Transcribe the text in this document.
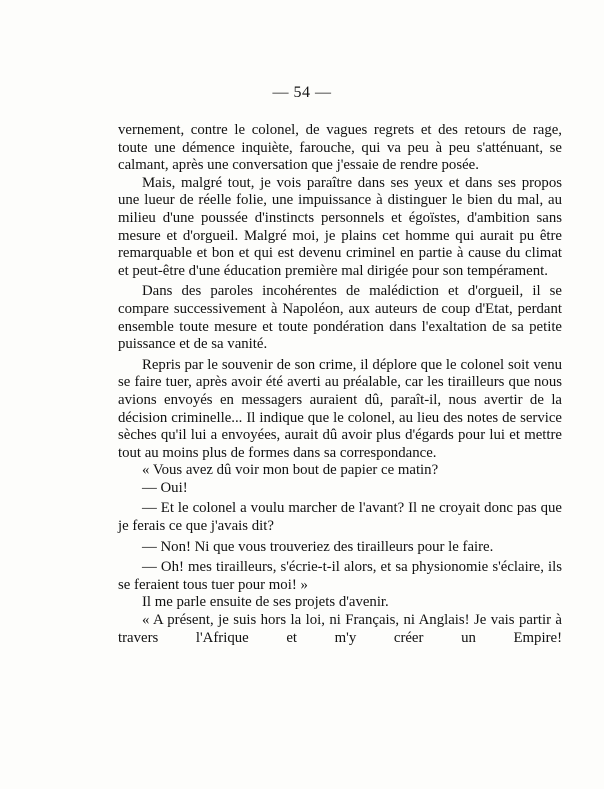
— 54 —

vernement, contre le colonel, de vagues regrets et des retours de rage, toute une démence inquiète, farouche, qui va peu à peu s'atténuant, se calmant, après une conversation que j'essaie de rendre posée.

Mais, malgré tout, je vois paraître dans ses yeux et dans ses propos une lueur de réelle folie, une impuissance à distinguer le bien du mal, au milieu d'une poussée d'instincts personnels et égoïstes, d'ambition sans mesure et d'orgueil. Malgré moi, je plains cet homme qui aurait pu être remarquable et bon et qui est devenu criminel en partie à cause du climat et peut-être d'une éducation première mal dirigée pour son tempérament.

Dans des paroles incohérentes de malédiction et d'orgueil, il se compare successivement à Napoléon, aux auteurs de coup d'Etat, perdant ensemble toute mesure et toute pondération dans l'exaltation de sa petite puissance et de sa vanité.

Repris par le souvenir de son crime, il déplore que le colonel soit venu se faire tuer, après avoir été averti au préalable, car les tirailleurs que nous avions envoyés en messagers auraient dû, paraît-il, nous avertir de la décision criminelle... Il indique que le colonel, au lieu des notes de service sèches qu'il lui a envoyées, aurait dû avoir plus d'égards pour lui et mettre tout au moins plus de formes dans sa correspondance.

« Vous avez dû voir mon bout de papier ce matin?

— Oui!

— Et le colonel a voulu marcher de l'avant? Il ne croyait donc pas que je ferais ce que j'avais dit?

— Non! Ni que vous trouveriez des tirailleurs pour le faire.

— Oh! mes tirailleurs, s'écrie-t-il alors, et sa physionomie s'éclaire, ils se feraient tous tuer pour moi! »

Il me parle ensuite de ses projets d'avenir.

« A présent, je suis hors la loi, ni Français, ni Anglais! Je vais partir à travers l'Afrique et m'y créer un Empire!
